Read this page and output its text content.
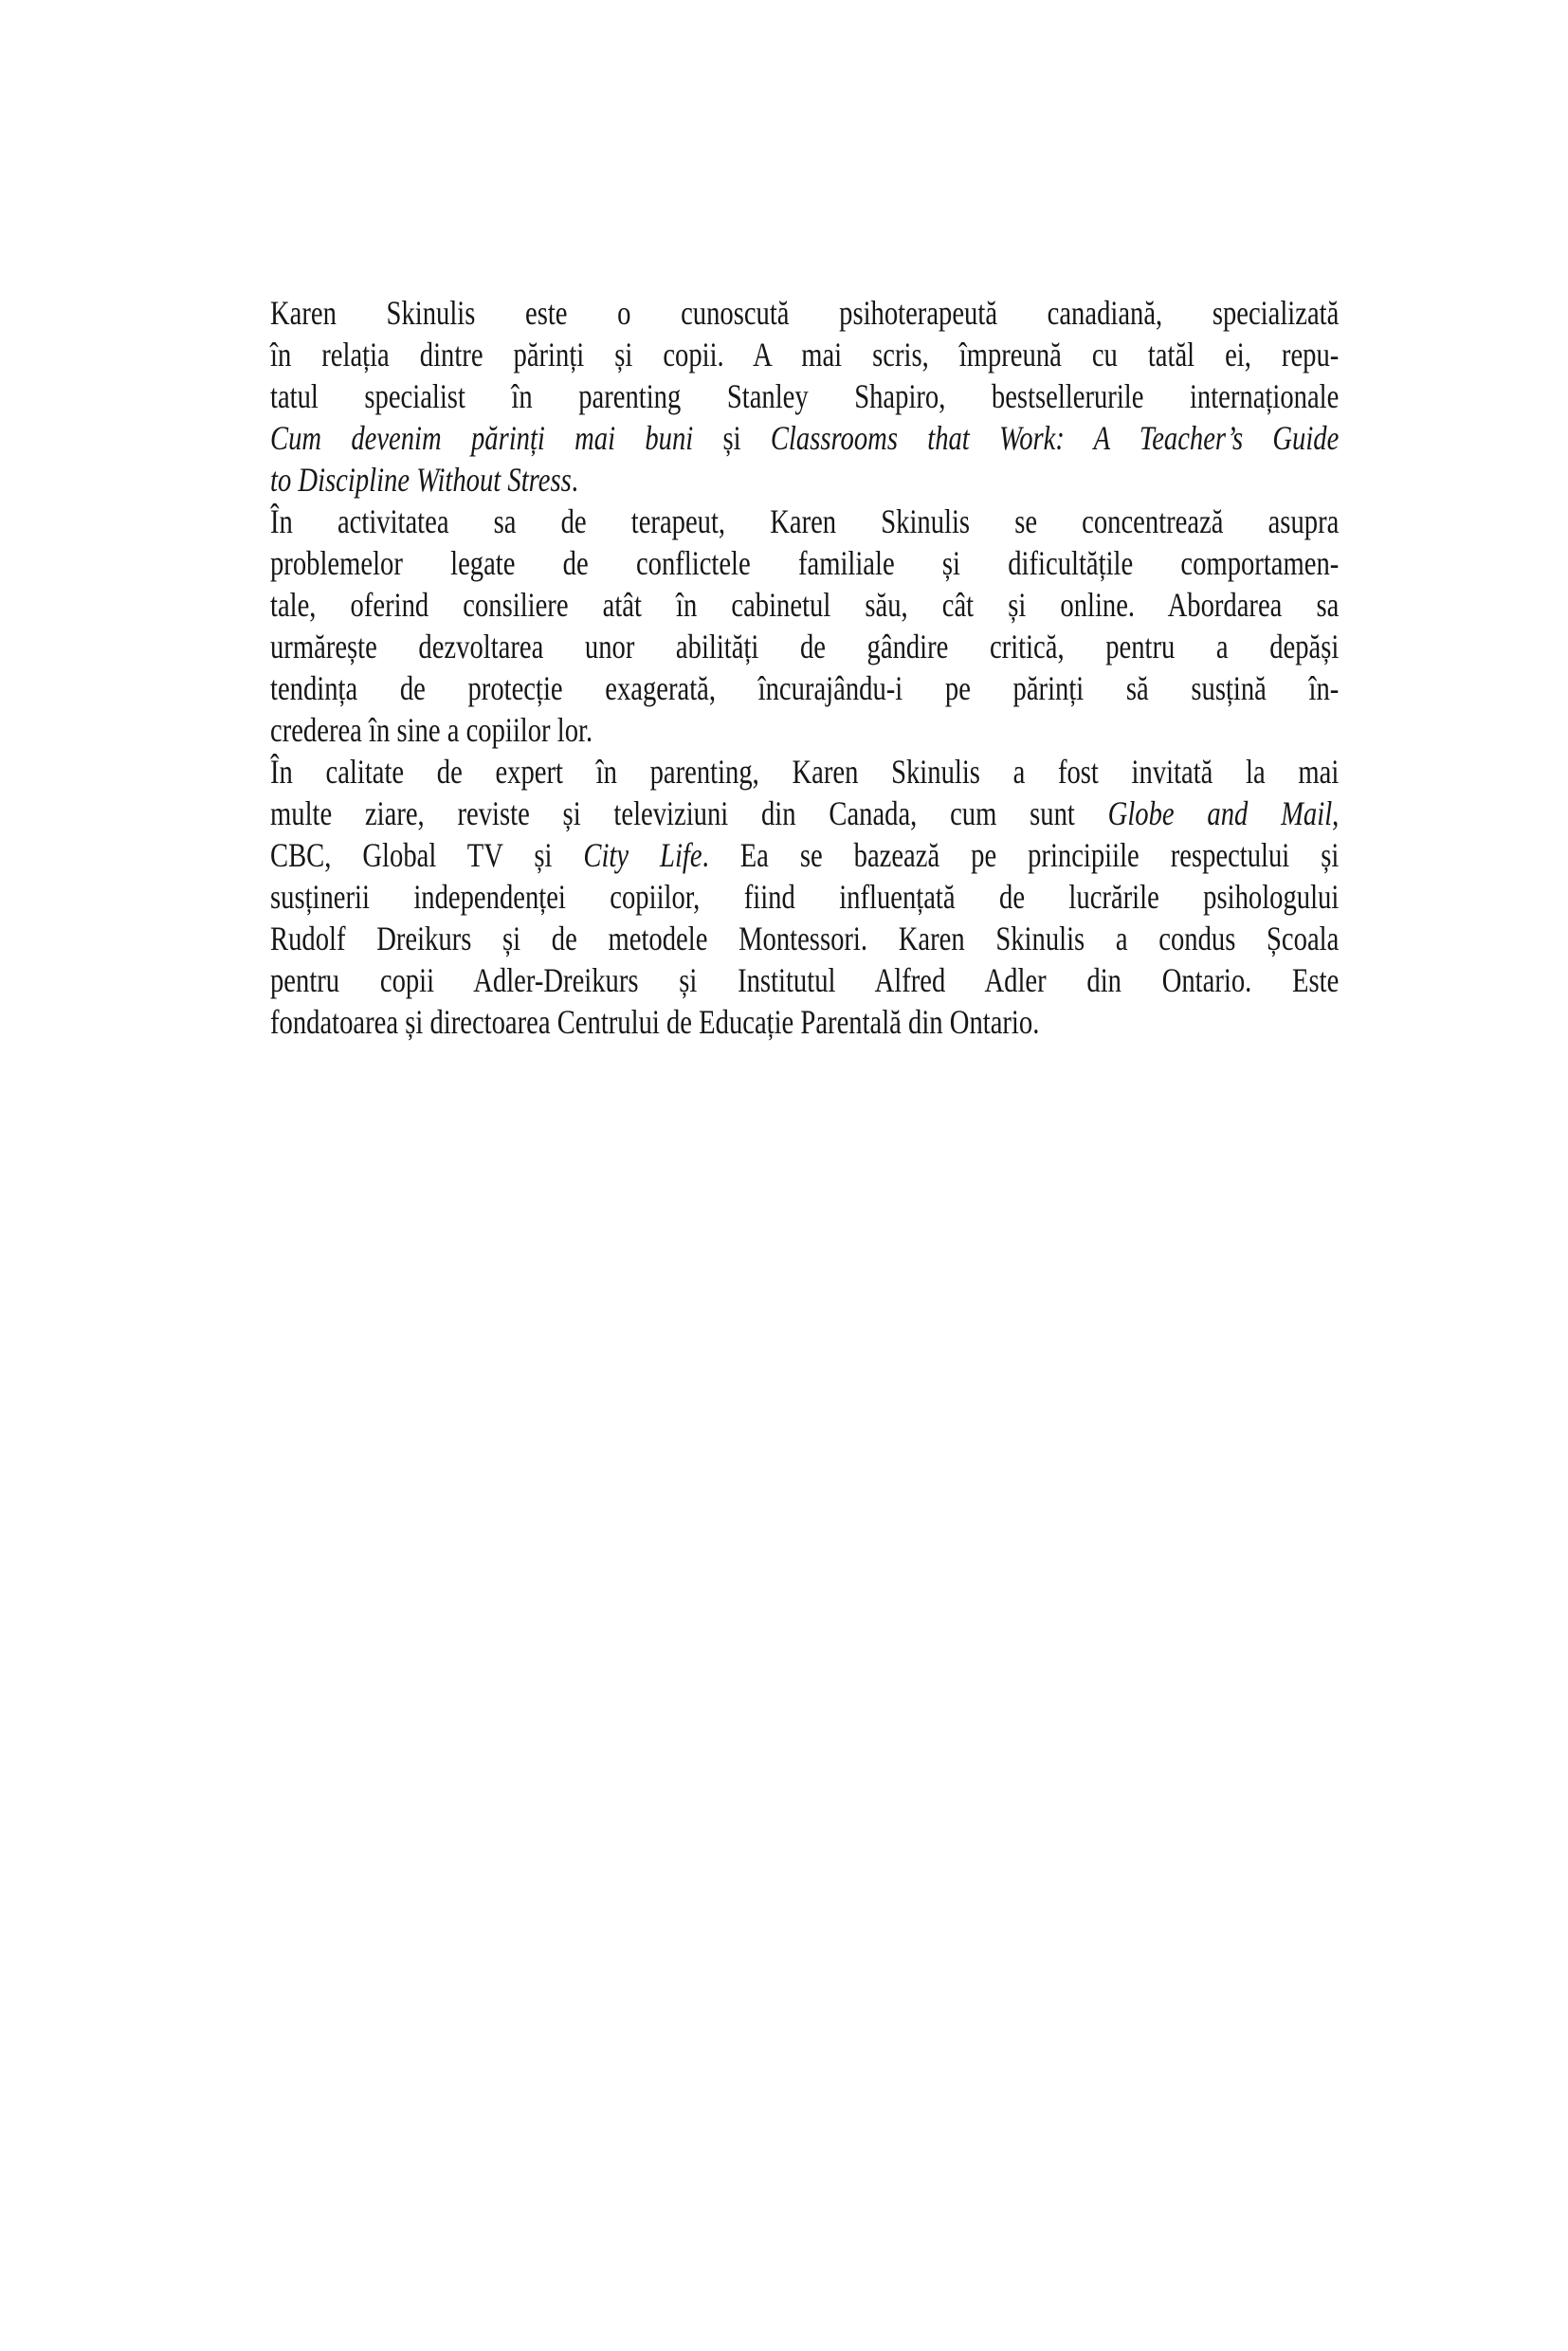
Karen Skinulis este o cunoscută psihoterapeută canadiană, specializată
în relația dintre părinți și copii. A mai scris, împreună cu tatăl ei, repu-
tatul specialist în parenting Stanley Shapiro, bestsellerurile internaționale
Cum devenim părinți mai buni și Classrooms that Work: A Teacher’s Guide
to Discipline Without Stress.
În activitatea sa de terapeut, Karen Skinulis se concentrează asupra
problemelor legate de conflictele familiale și dificultățile comportamen-
tale, oferind consiliere atât în cabinetul său, cât și online. Abordarea sa
urmărește dezvoltarea unor abilități de gândire critică, pentru a depăși
tendința de protecție exagerată, încurajându-i pe părinți să susțină în-
crederea în sine a copiilor lor.
În calitate de expert în parenting, Karen Skinulis a fost invitată la mai
multe ziare, reviste și televiziuni din Canada, cum sunt Globe and Mail,
CBC, Global TV și City Life. Ea se bazează pe principiile respectului și
susținerii independenței copiilor, fiind influențată de lucrările psihologului
Rudolf Dreikurs și de metodele Montessori. Karen Skinulis a condus Școala
pentru copii Adler-Dreikurs și Institutul Alfred Adler din Ontario. Este
fondatoarea și directoarea Centrului de Educație Parentală din Ontario.
